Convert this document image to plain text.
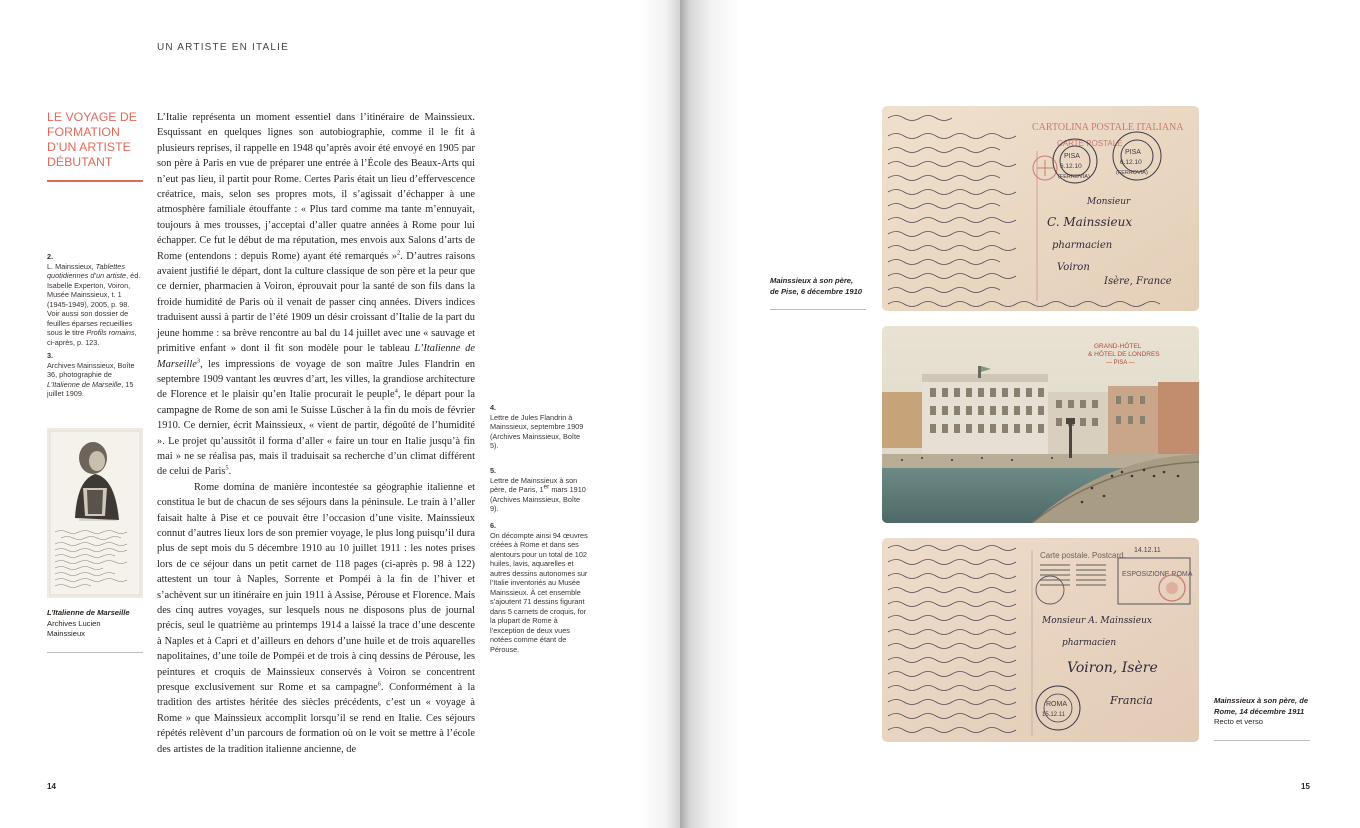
UN ARTISTE EN ITALIE
LE VOYAGE DE FORMATION D’UN ARTISTE DÉBUTANT
2.
L. Mainssieux, Tablettes quotidiennes d’un artiste, éd. Isabelle Experton, Voiron, Musée Mainssieux, t. 1 (1945-1949), 2005, p. 98. Voir aussi son dossier de feuilles éparses recueillies sous le titre Profils romains, ci-après, p. 123.
3.
Archives Mainssieux, Boîte 36, photographie de L’Italienne de Marseille, 15 juillet 1909.
L’Italienne de Marseille
Archives Lucien
Mainssieux

L’Italie représenta un moment essentiel dans l’itinéraire de Mainssieux. Esquissant en quelques lignes son autobiographie, comme il le fit à plusieurs reprises, il rappelle en 1948 qu’après avoir été envoyé en 1905 par son père à Paris en vue de préparer une entrée à l’École des Beaux-Arts qui n’eut pas lieu, il partit pour Rome. Certes Paris était un lieu d’effervescence créatrice, mais, selon ses propres mots, il s’agissait d’échapper à une atmosphère familiale étouffante : « Plus tard comme ma tante m’ennuyait, toujours à mes trousses, j’acceptai d’aller quatre années à Rome pour lui échapper. Ce fut le début de ma réputation, mes envois aux Salons d’arts de Rome (entendons : depuis Rome) ayant été remarqués »$^2$. D’autres raisons avaient justifié le départ, dont la culture classique de son père et la peur que ce dernier, pharmacien à Voiron, éprouvait pour la santé de son fils dans la froide humidité de Paris où il venait de passer cinq années. Divers indices traduisent aussi à partir de l’été 1909 un désir croissant d’Italie de la part du jeune homme : sa brève rencontre au bal du 14 juillet avec une « sauvage et primitive enfant » dont il fit son modèle pour le tableau L’Italienne de Marseille$^3$, les impressions de voyage de son maître Jules Flandrin en septembre 1909 vantant les œuvres d’art, les villes, la grandiose architecture de Florence et le plaisir qu’en Italie procurait le peuple$^4$, le départ pour la campagne de Rome de son ami le Suisse Lüscher à la fin du mois de février 1910. Ce dernier, écrit Mainssieux, « vient de partir, dégoûté de l’humidité ». Le projet qu’aussitôt il forma d’aller « faire un tour en Italie jusqu’à fin mai » ne se réalisa pas, mais il traduisait sa recherche d’un climat différent de celui de Paris$^5$.

Rome domina de manière incontestée sa géographie italienne et constitua le but de chacun de ses séjours dans la péninsule. Le train à l’aller faisait halte à Pise et ce pouvait être l’occasion d’une visite. Mainssieux connut d’autres lieux lors de son premier voyage, le plus long puisqu’il dura plus de sept mois du 5 décembre 1910 au 10 juillet 1911 : les notes prises lors de ce séjour dans un petit carnet de 118 pages (ci-après p. 98 à 122) attestent un tour à Naples, Sorrente et Pompéi à la fin de l’hiver et s’achèvent sur un itinéraire en juin 1911 à Assise, Pérouse et Florence. Mais des cinq autres voyages, sur lesquels nous ne disposons plus de journal précis, seul le quatrième au printemps 1914 a laissé la trace d’une descente à Naples et à Capri et d’ailleurs en dehors d’une huile et de trois aquarelles napolitaines, d’une toile de Pompéi et de trois à cinq dessins de Pérouse, les peintures et croquis de Mainssieux conservés à Voiron se concentrent presque exclusivement sur Rome et sa campagne$^6$. Conformément à la tradition des artistes héritée des siècles précédents, c’est un « voyage à Rome » que Mainssieux accomplit lorsqu’il se rend en Italie. Ces séjours répétés relèvent d’un parcours de formation où on le voit se mettre à l’école des artistes de la tradition italienne ancienne, de

14
CARTOLINA POSTALE ITALIANA
CARTE POSTALE
PISA
6.12.10
(FERROVIA)
PISA
6.12.10
(FERROVIA)
Monsieur
C. Mainssieux
pharmacien
Voiron
Isère, France
Mainssieux à son père,
de Pise, 6 décembre 1910
GRAND-HÔTEL
& HÔTEL DE LONDRES
— PISA —
Carte postale. Postcard.
14.12.11
ESPOSIZIONE ROMA
Monsieur A. Mainssieux
pharmacien
Voiron, Isère
Francia
ROMA
15.12.11
Mainssieux à son père, de
Rome, 14 décembre 1911
Recto et verso
15
4.
Lettre de Jules Flandrin à Mainssieux, septembre 1909 (Archives Mainssieux, Boîte 5).
5.
Lettre de Mainssieux à son père, de Paris, 1er mars 1910 (Archives Mainssieux, Boîte 9).
6.
On décompte ainsi 94 œuvres créées à Rome et dans ses alentours pour un total de 102 huiles, lavis, aquarelles et autres dessins autonomes sur l’Italie inventoriés au Musée Mainssieux. À cet ensemble s’ajoutent 71 dessins figurant dans 5 carnets de croquis, for la plupart de Rome à l’exception de deux vues notées comme étant de Pérouse.
